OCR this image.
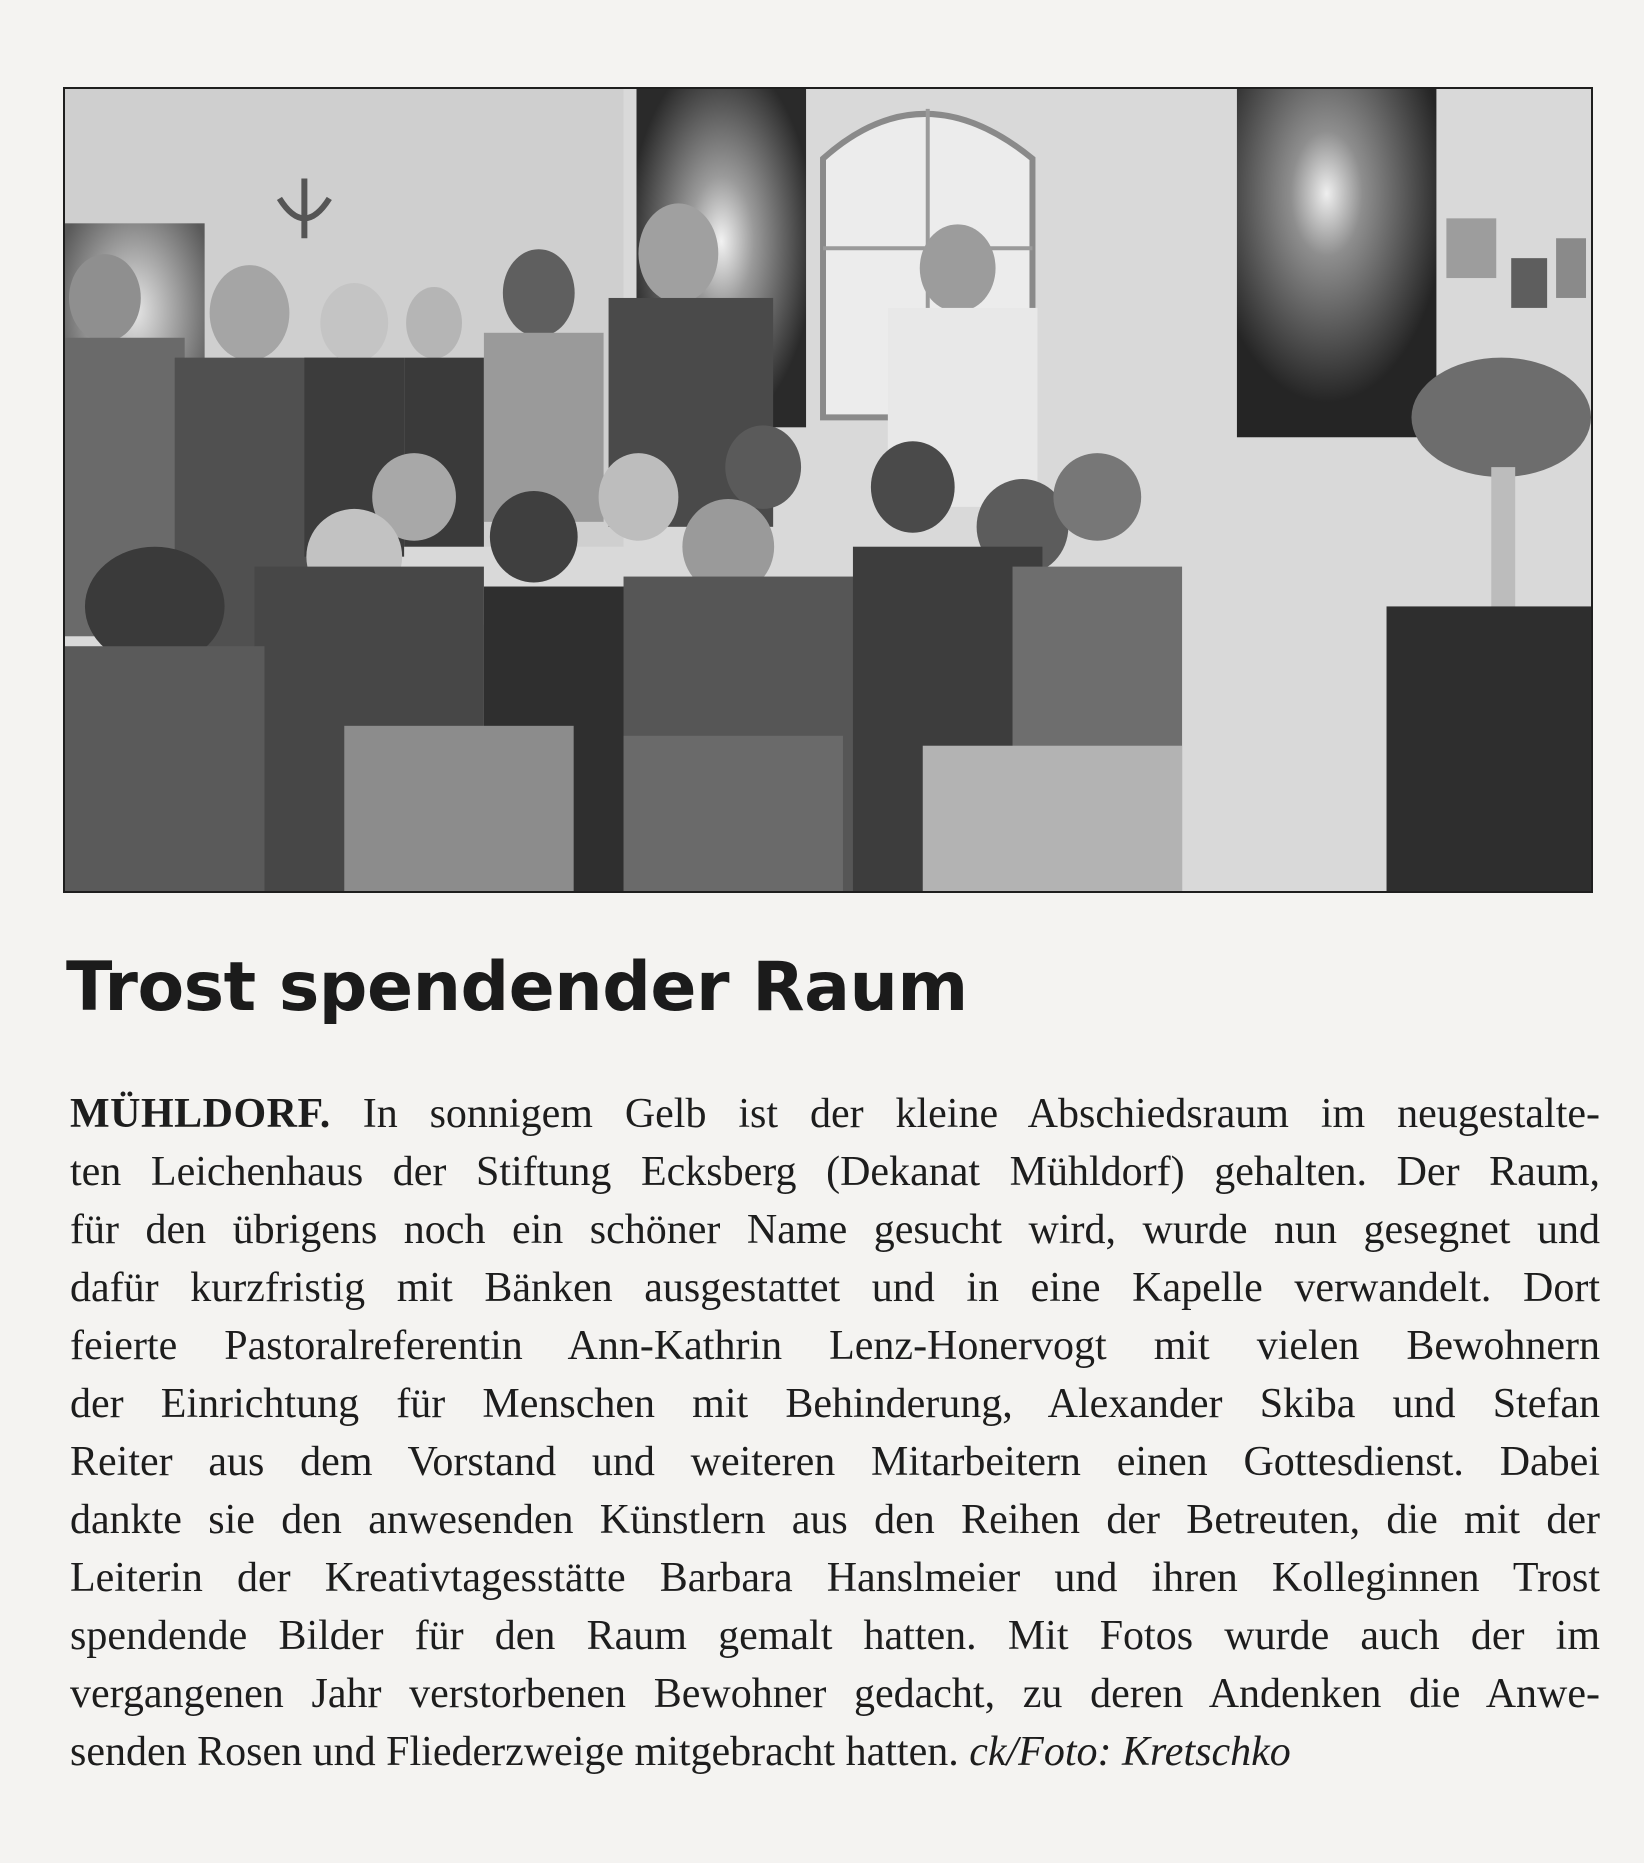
Trost spendender Raum
MÜHLDORF. In sonnigem Gelb ist der kleine Abschiedsraum im neugestalte-
ten Leichenhaus der Stiftung Ecksberg (Dekanat Mühldorf) gehalten. Der Raum,
für den übrigens noch ein schöner Name gesucht wird, wurde nun gesegnet und
dafür kurzfristig mit Bänken ausgestattet und in eine Kapelle verwandelt. Dort
feierte Pastoralreferentin Ann-Kathrin Lenz-Honervogt mit vielen Bewohnern
der Einrichtung für Menschen mit Behinderung, Alexander Skiba und Stefan
Reiter aus dem Vorstand und weiteren Mitarbeitern einen Gottesdienst. Dabei
dankte sie den anwesenden Künstlern aus den Reihen der Betreuten, die mit der
Leiterin der Kreativtagesstätte Barbara Hanslmeier und ihren Kolleginnen Trost
spendende Bilder für den Raum gemalt hatten. Mit Fotos wurde auch der im
vergangenen Jahr verstorbenen Bewohner gedacht, zu deren Andenken die Anwe-
senden Rosen und Fliederzweige mitgebracht hatten. ck/Foto: Kretschko
